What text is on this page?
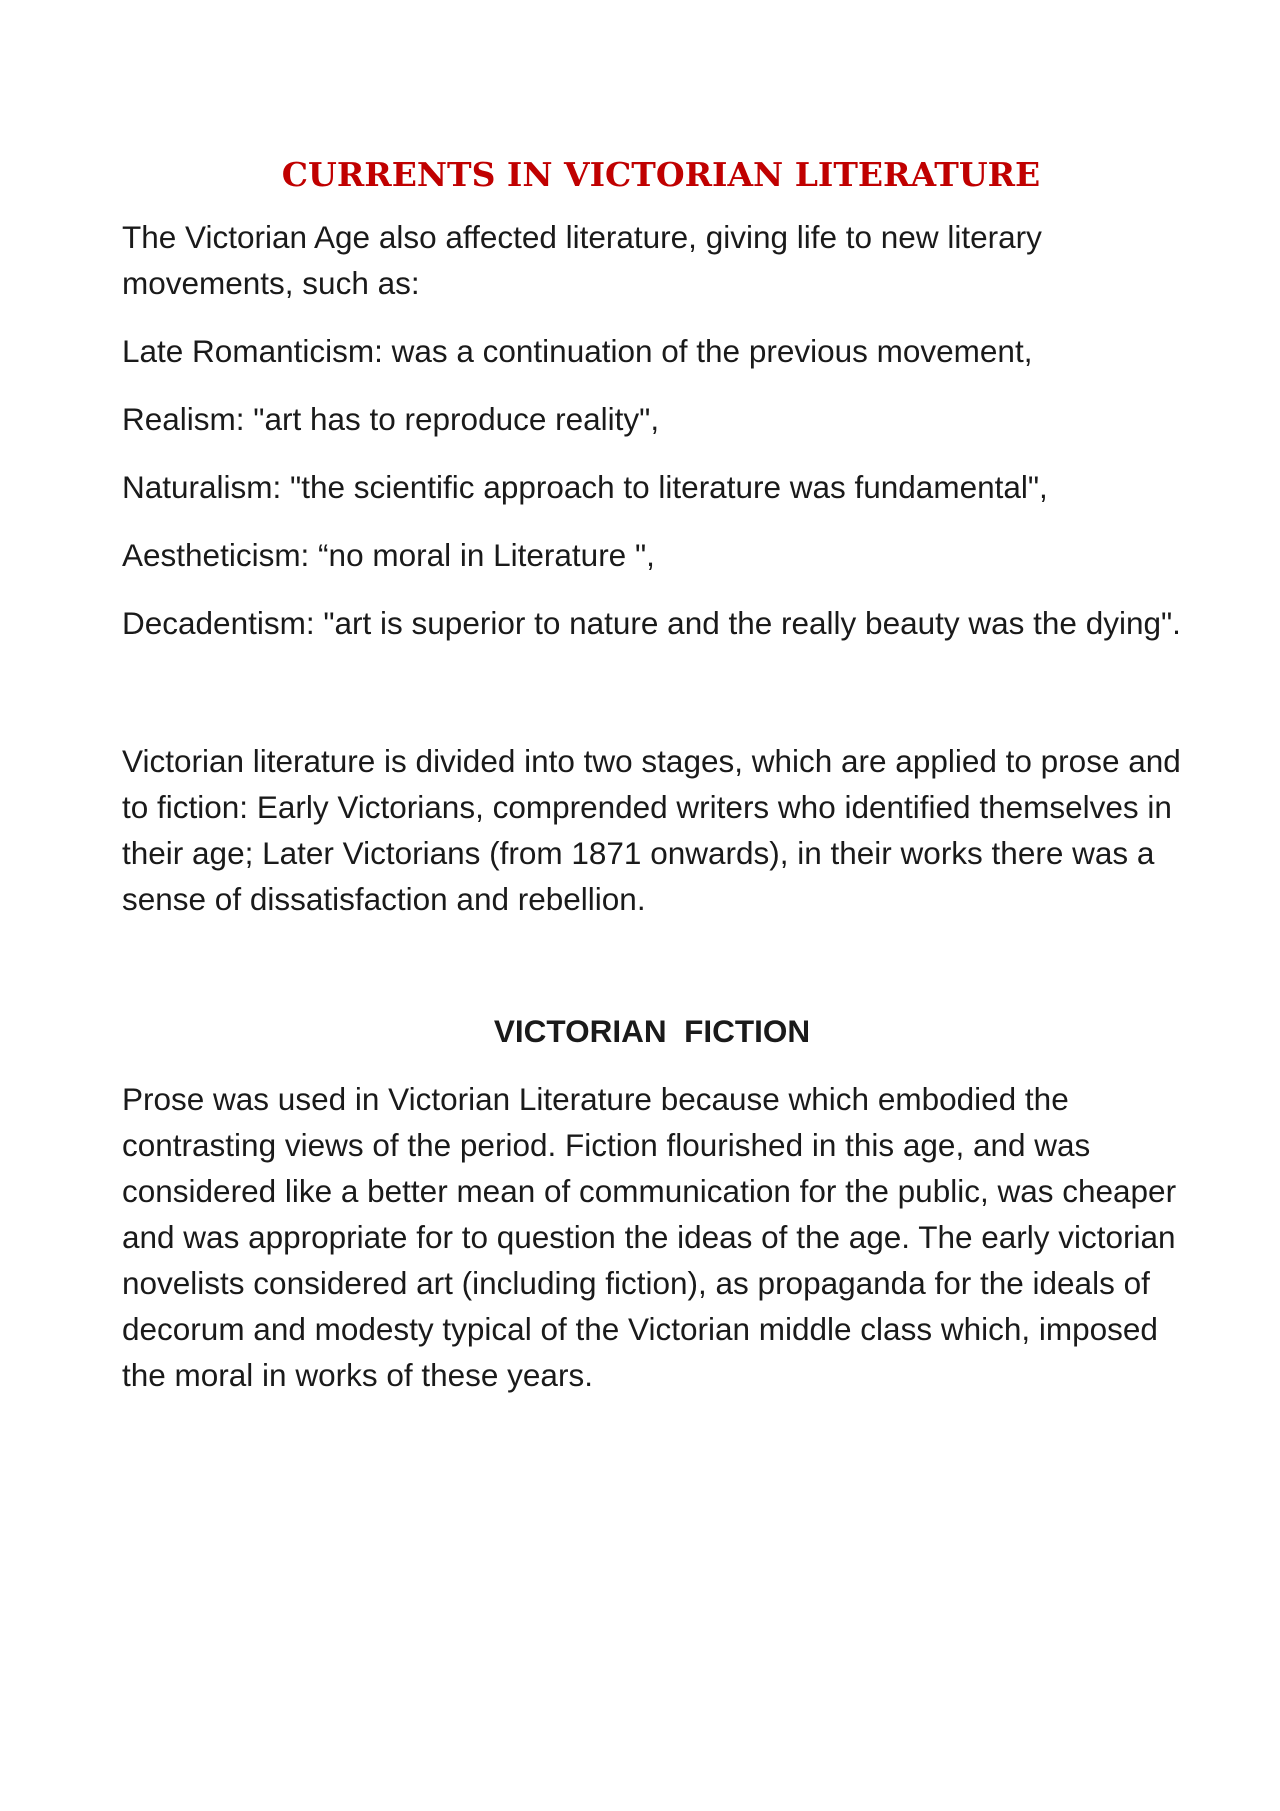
CURRENTS IN VICTORIAN LITERATURE
The Victorian Age also affected literature, giving life to new literary movements, such as:
Late Romanticism: was a continuation of the previous movement,
Realism: "art has to reproduce reality",
Naturalism: "the scientific approach to literature was fundamental",
Aestheticism: “no moral in Literature ",
Decadentism: "art is superior to nature and the really beauty was the dying".
Victorian literature is divided into two stages, which are applied to prose and to fiction: Early Victorians, comprended writers who identified themselves in their age; Later Victorians (from 1871 onwards), in their works there was a sense of dissatisfaction and rebellion.
VICTORIAN  FICTION
Prose was used in Victorian Literature because which embodied the contrasting views of the period. Fiction flourished in this age, and was considered like a better mean of communication for the public, was cheaper and was appropriate for to question the ideas of the age. The early victorian novelists considered art (including fiction), as propaganda for the ideals of decorum and modesty typical of the Victorian middle class which, imposed the moral in works of these years.
